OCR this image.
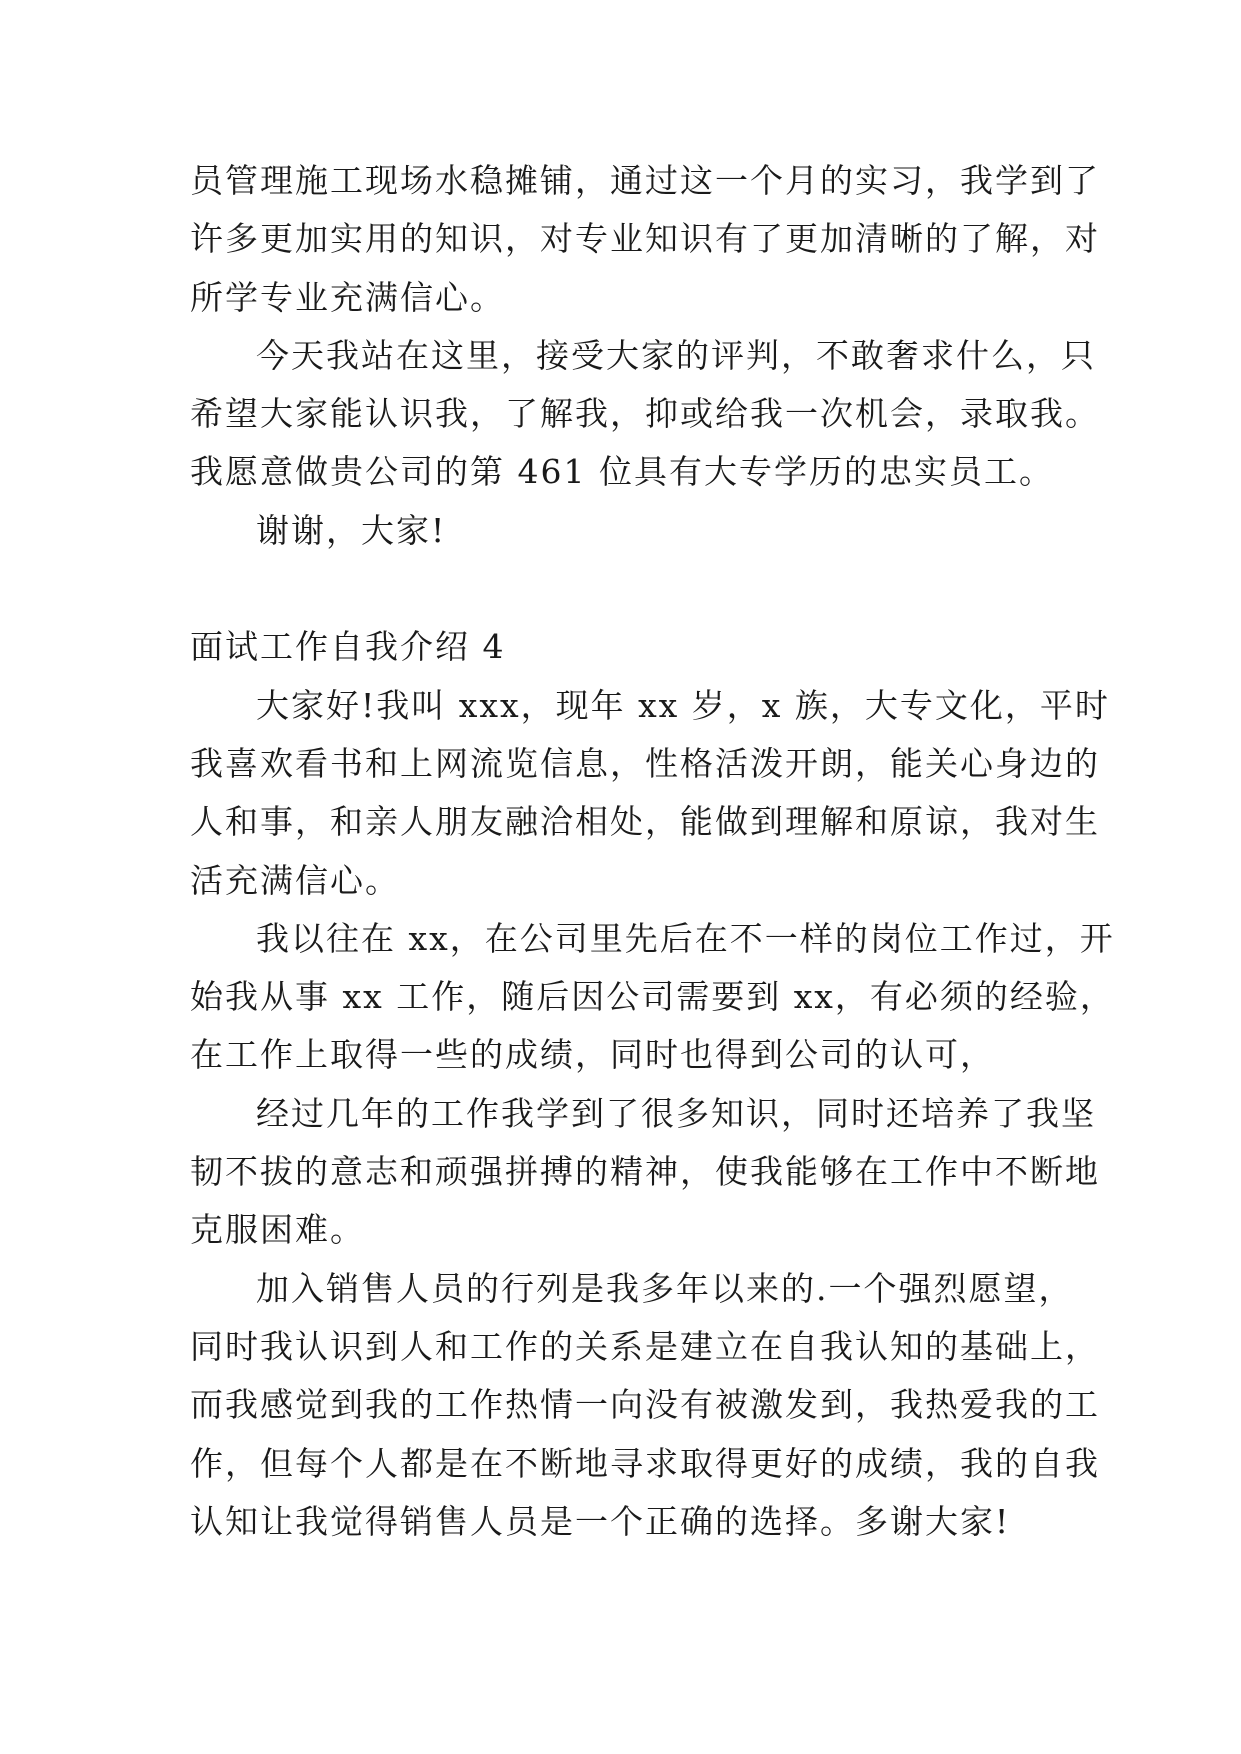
员管理施工现场水稳摊铺，通过这一个月的实习，我学到了
许多更加实用的知识，对专业知识有了更加清晰的了解，对
所学专业充满信心。
今天我站在这里，接受大家的评判，不敢奢求什么，只
希望大家能认识我，了解我，抑或给我一次机会，录取我。
我愿意做贵公司的第 461 位具有大专学历的忠实员工。
谢谢，大家!
面试工作自我介绍 4
大家好!我叫 xxx，现年 xx 岁，x 族，大专文化，平时
我喜欢看书和上网流览信息，性格活泼开朗，能关心身边的
人和事，和亲人朋友融洽相处，能做到理解和原谅，我对生
活充满信心。
我以往在 xx，在公司里先后在不一样的岗位工作过，开
始我从事 xx 工作，随后因公司需要到 xx，有必须的经验，
在工作上取得一些的成绩，同时也得到公司的认可，
经过几年的工作我学到了很多知识，同时还培养了我坚
韧不拔的意志和顽强拼搏的精神，使我能够在工作中不断地
克服困难。
加入销售人员的行列是我多年以来的.一个强烈愿望，
同时我认识到人和工作的关系是建立在自我认知的基础上，
而我感觉到我的工作热情一向没有被激发到，我热爱我的工
作，但每个人都是在不断地寻求取得更好的成绩，我的自我
认知让我觉得销售人员是一个正确的选择。多谢大家!
